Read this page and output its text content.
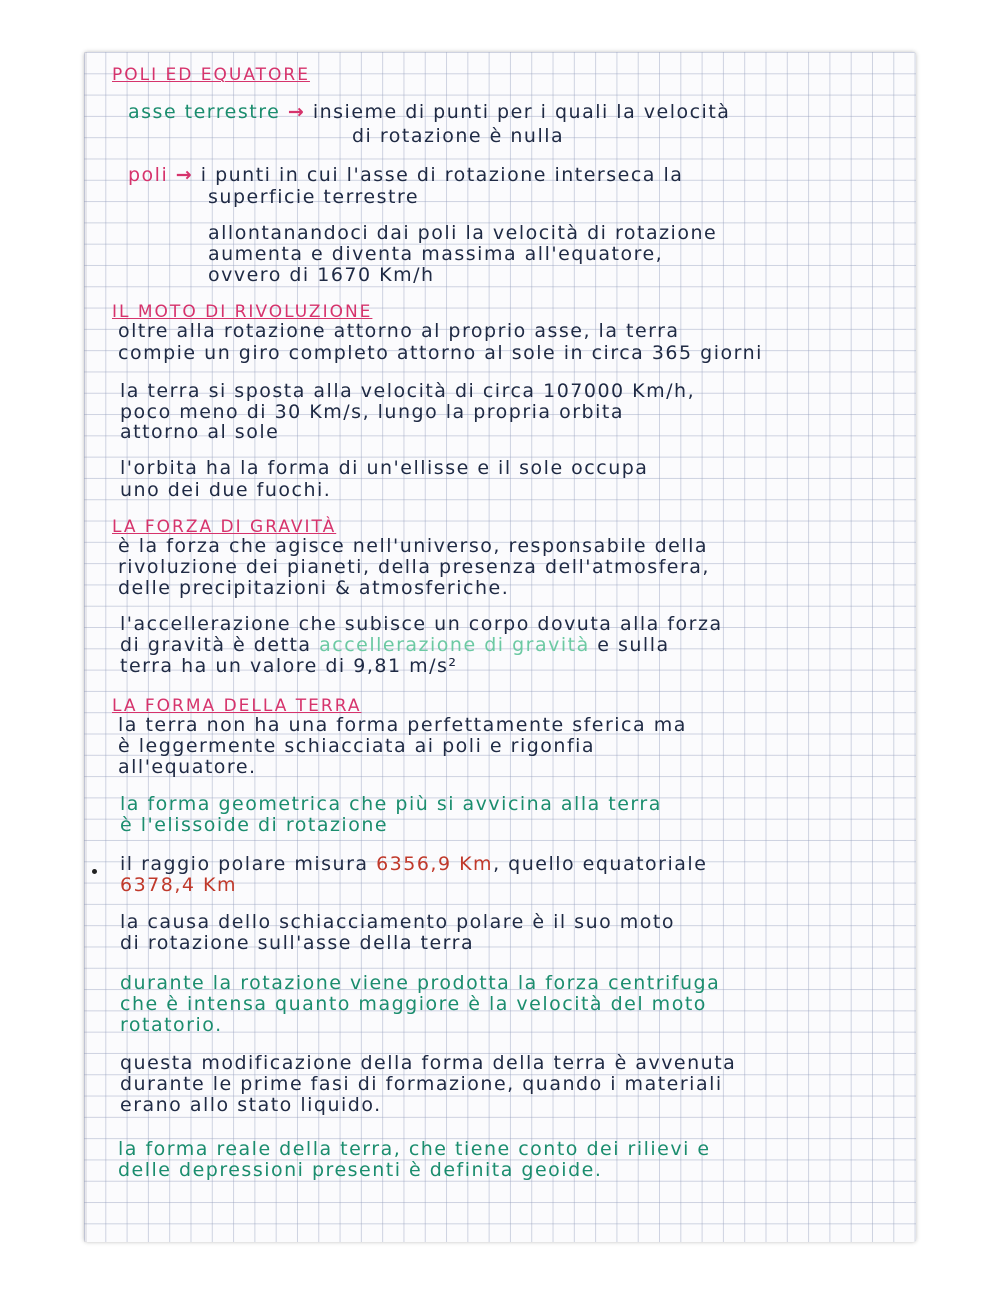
POLI ED EQUATORE
asse terrestre → insieme di punti per i quali la velocità
di rotazione è nulla
poli → i punti in cui l'asse di rotazione interseca la
superficie terrestre
allontanandoci dai poli la velocità di rotazione
aumenta e diventa massima all'equatore,
ovvero di 1670 Km/h
IL MOTO DI RIVOLUZIONE
oltre alla rotazione attorno al proprio asse, la terra
compie un giro completo attorno al sole in circa 365 giorni
la terra si sposta alla velocità di circa 107000 Km/h,
poco meno di 30 Km/s, lungo la propria orbita
attorno al sole
l'orbita ha la forma di un'ellisse e il sole occupa
uno dei due fuochi.
LA FORZA DI GRAVITÀ
è la forza che agisce nell'universo, responsabile della
rivoluzione dei pianeti, della presenza dell'atmosfera,
delle precipitazioni & atmosferiche.
l'accellerazione che subisce un corpo dovuta alla forza
di gravità è detta accellerazione di gravità e sulla
terra ha un valore di 9,81 m/s²
LA FORMA DELLA TERRA
la terra non ha una forma perfettamente sferica ma
è leggermente schiacciata ai poli e rigonfia
all'equatore.
la forma geometrica che più si avvicina alla terra
è l'elissoide di rotazione
il raggio polare misura 6356,9 Km, quello equatoriale
6378,4 Km
la causa dello schiacciamento polare è il suo moto
di rotazione sull'asse della terra
durante la rotazione viene prodotta la forza centrifuga
che è intensa quanto maggiore è la velocità del moto
rotatorio.
questa modificazione della forma della terra è avvenuta
durante le prime fasi di formazione, quando i materiali
erano allo stato liquido.
la forma reale della terra, che tiene conto dei rilievi e
delle depressioni presenti è definita geoide.
